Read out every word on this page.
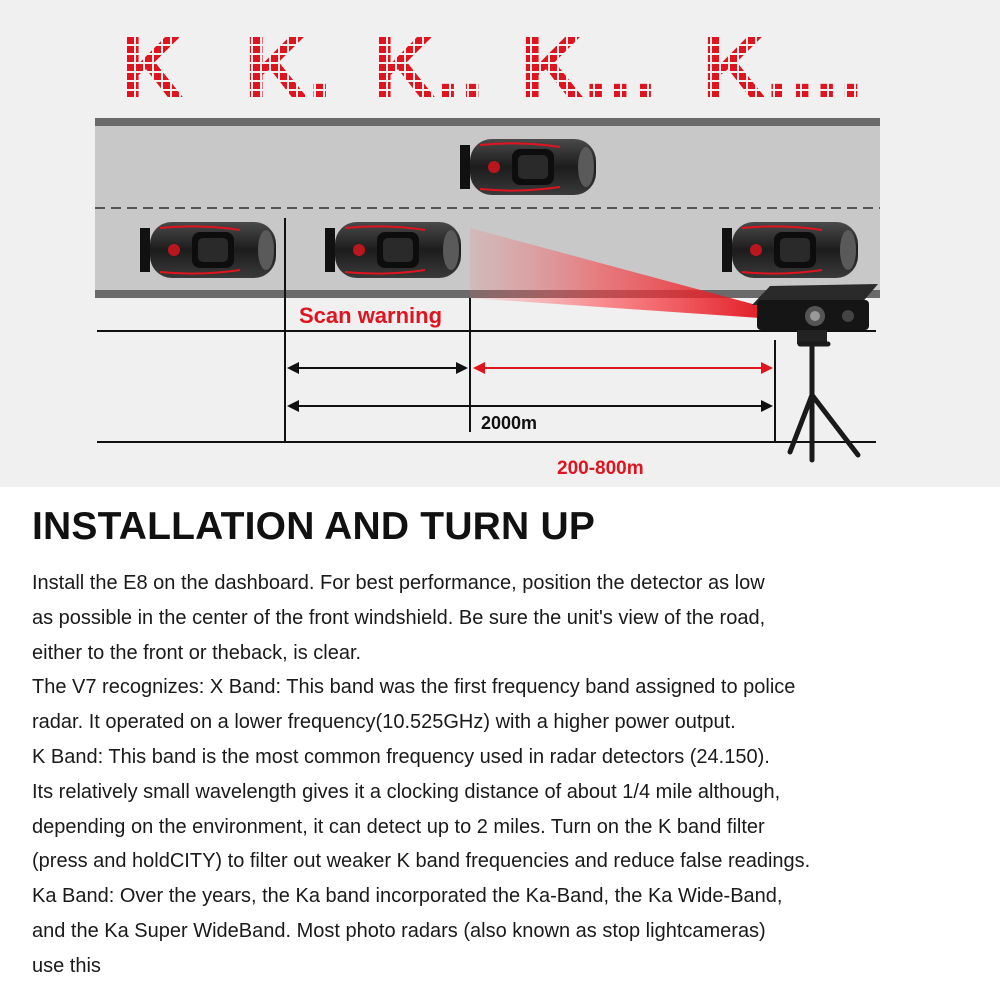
K K. K.. K... K....
Scan warning
2000m
200-800m
INSTALLATION AND TURN UP
Install the E8 on the dashboard. For best performance, position the detector as low
as possible in the center of the front windshield. Be sure the unit's view of the road,
either to the front or theback, is clear.
The V7 recognizes: X Band: This band was the first frequency band assigned to police
radar. It operated on a lower frequency(10.525GHz) with a higher power output.
K Band: This band is the most common frequency used in radar detectors (24.150).
Its relatively small wavelength gives it a clocking distance of about 1/4 mile although,
depending on the environment, it can detect up to 2 miles. Turn on the K band filter
(press and holdCITY) to filter out weaker K band frequencies and reduce false readings.
Ka Band: Over the years, the Ka band incorporated the Ka-Band, the Ka Wide-Band,
and the Ka Super WideBand. Most photo radars (also known as stop lightcameras)
use this
